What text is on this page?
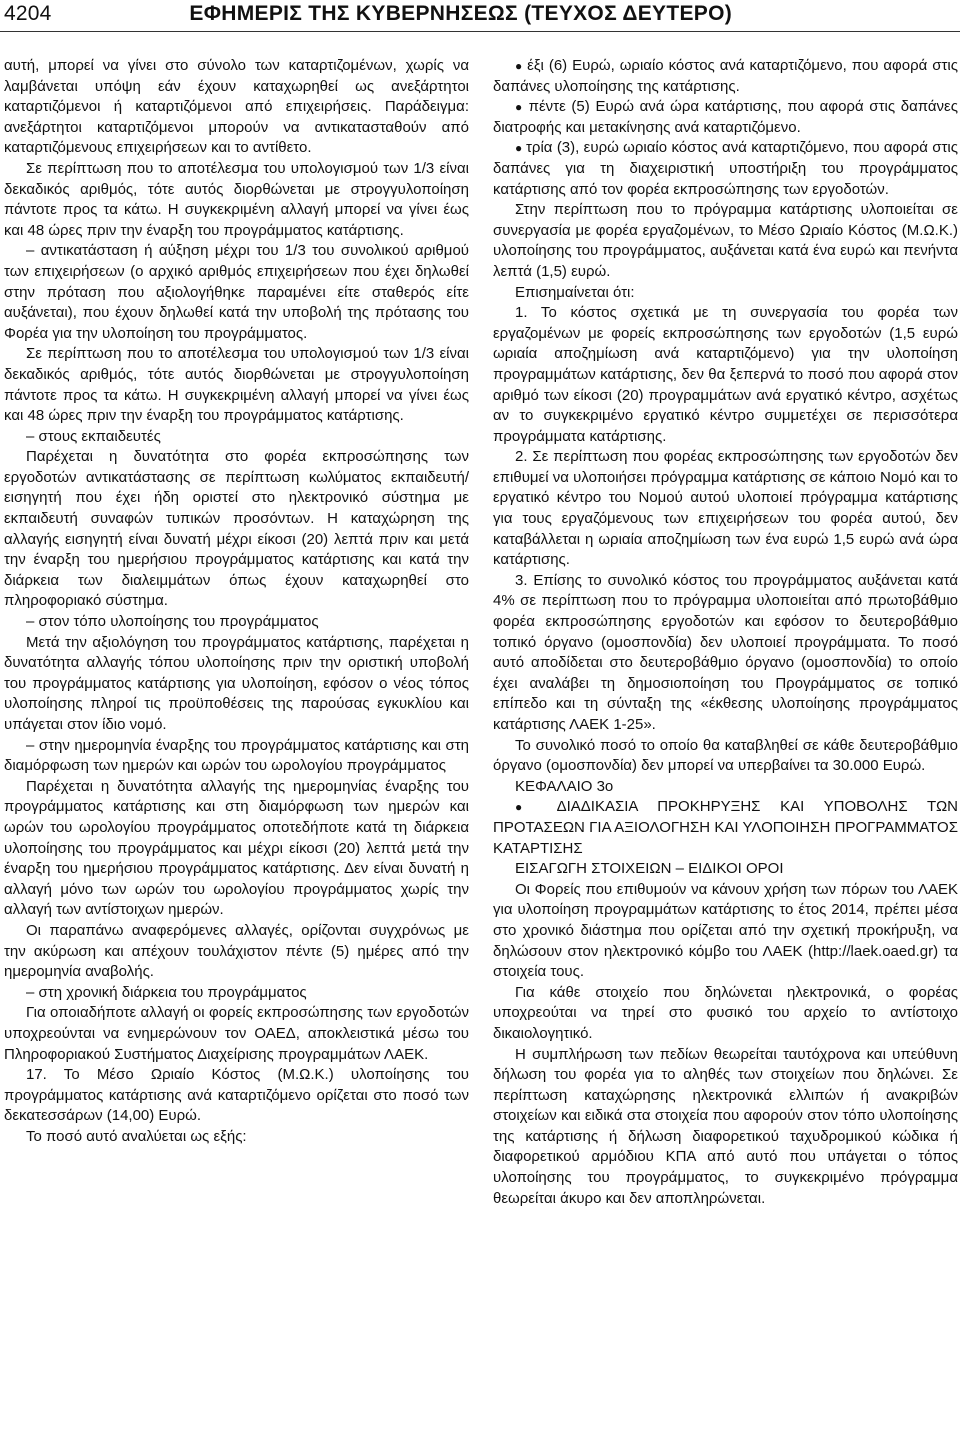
4204	ΕΦΗΜΕΡΙΣ ΤΗΣ ΚΥΒΕΡΝΗΣΕΩΣ (ΤΕΥΧΟΣ ΔΕΥΤΕΡΟ)

αυτή, μπορεί να γίνει στο σύνολο των καταρτιζομένων, χωρίς να λαμβάνεται υπόψη εάν έχουν καταχωρηθεί ως ανεξάρτητοι καταρτιζόμενοι ή καταρτιζόμενοι από επιχειρήσεις. Παράδειγμα: ανεξάρτητοι καταρτιζόμενοι μπορούν να αντικατασταθούν από καταρτιζόμενους επιχειρήσεων και το αντίθετο.

Σε περίπτωση που το αποτέλεσμα του υπολογισμού των 1/3 είναι δεκαδικός αριθμός, τότε αυτός διορθώνεται με στρογγυλοποίηση πάντοτε προς τα κάτω. Η συγκεκριμένη αλλαγή μπορεί να γίνει έως και 48 ώρες πριν την έναρξη του προγράμματος κατάρτισης.

– αντικατάσταση ή αύξηση μέχρι του 1/3 του συνολικού αριθμού των επιχειρήσεων (ο αρχικό αριθμός επιχειρήσεων που έχει δηλωθεί στην πρόταση που αξιολογήθηκε παραμένει είτε σταθερός είτε αυξάνεται), που έχουν δηλωθεί κατά την υποβολή της πρότασης του Φορέα για την υλοποίηση του προγράμματος.

Σε περίπτωση που το αποτέλεσμα του υπολογισμού των 1/3 είναι δεκαδικός αριθμός, τότε αυτός διορθώνεται με στρογγυλοποίηση πάντοτε προς τα κάτω. Η συγκεκριμένη αλλαγή μπορεί να γίνει έως και 48 ώρες πριν την έναρξη του προγράμματος κατάρτισης.

– στους εκπαιδευτές

Παρέχεται η δυνατότητα στο φορέα εκπροσώπησης των εργοδοτών αντικατάστασης σε περίπτωση κωλύματος εκπαιδευτή/εισηγητή που έχει ήδη οριστεί στο ηλεκτρονικό σύστημα με εκπαιδευτή συναφών τυπικών προσόντων. Η καταχώρηση της αλλαγής εισηγητή είναι δυνατή μέχρι είκοσι (20) λεπτά πριν και μετά την έναρξη του ημερήσιου προγράμματος κατάρτισης και κατά την διάρκεια των διαλειμμάτων όπως έχουν καταχωρηθεί στο πληροφοριακό σύστημα.

– στον τόπο υλοποίησης του προγράμματος

Μετά την αξιολόγηση του προγράμματος κατάρτισης, παρέχεται η δυνατότητα αλλαγής τόπου υλοποίησης πριν την οριστική υποβολή του προγράμματος κατάρτισης για υλοποίηση, εφόσον ο νέος τόπος υλοποίησης πληροί τις προϋποθέσεις της παρούσας εγκυκλίου και υπάγεται στον ίδιο νομό.

– στην ημερομηνία έναρξης του προγράμματος κατάρτισης και στη διαμόρφωση των ημερών και ωρών του ωρολογίου προγράμματος

Παρέχεται η δυνατότητα αλλαγής της ημερομηνίας έναρξης του προγράμματος κατάρτισης και στη διαμόρφωση των ημερών και ωρών του ωρολογίου προγράμματος οποτεδήποτε κατά τη διάρκεια υλοποίησης του προγράμματος και μέχρι είκοσι (20) λεπτά μετά την έναρξη του ημερήσιου προγράμματος κατάρτισης. Δεν είναι δυνατή η αλλαγή μόνο των ωρών του ωρολογίου προγράμματος χωρίς την αλλαγή των αντίστοιχων ημερών.

Οι παραπάνω αναφερόμενες αλλαγές, ορίζονται συγχρόνως με την ακύρωση και απέχουν τουλάχιστον πέντε (5) ημέρες από την ημερομηνία αναβολής.

– στη χρονική διάρκεια του προγράμματος

Για οποιαδήποτε αλλαγή οι φορείς εκπροσώπησης των εργοδοτών υποχρεούνται να ενημερώνουν τον ΟΑΕΔ, αποκλειστικά μέσω του Πληροφοριακού Συστήματος Διαχείρισης προγραμμάτων ΛΑΕΚ.

17. Το Μέσο Ωριαίο Κόστος (Μ.Ω.Κ.) υλοποίησης του προγράμματος κατάρτισης ανά καταρτιζόμενο ορίζεται στο ποσό των δεκατεσσάρων (14,00) Ευρώ.

Το ποσό αυτό αναλύεται ως εξής:

● έξι (6) Ευρώ, ωριαίο κόστος ανά καταρτιζόμενο, που αφορά στις δαπάνες υλοποίησης της κατάρτισης.

● πέντε (5) Ευρώ ανά ώρα κατάρτισης, που αφορά στις δαπάνες διατροφής και μετακίνησης ανά καταρτιζόμενο.

● τρία (3), ευρώ ωριαίο κόστος ανά καταρτιζόμενο, που αφορά στις δαπάνες για τη διαχειριστική υποστήριξη του προγράμματος κατάρτισης από τον φορέα εκπροσώπησης των εργοδοτών.

Στην περίπτωση που το πρόγραμμα κατάρτισης υλοποιείται σε συνεργασία με φορέα εργαζομένων, το Μέσο Ωριαίο Κόστος (Μ.Ω.Κ.) υλοποίησης του προγράμματος, αυξάνεται κατά ένα ευρώ και πενήντα λεπτά (1,5) ευρώ.

Επισημαίνεται ότι:

1. Το κόστος σχετικά με τη συνεργασία του φορέα των εργαζομένων με φορείς εκπροσώπησης των εργοδοτών (1,5 ευρώ ωριαία αποζημίωση ανά καταρτιζόμενο) για την υλοποίηση προγραμμάτων κατάρτισης, δεν θα ξεπερνά το ποσό που αφορά στον αριθμό των είκοσι (20) προγραμμάτων ανά εργατικό κέντρο, ασχέτως αν το συγκεκριμένο εργατικό κέντρο συμμετέχει σε περισσότερα προγράμματα κατάρτισης.

2. Σε περίπτωση που φορέας εκπροσώπησης των εργοδοτών δεν επιθυμεί να υλοποιήσει πρόγραμμα κατάρτισης σε κάποιο Νομό και το εργατικό κέντρο του Νομού αυτού υλοποιεί πρόγραμμα κατάρτισης για τους εργαζόμενους των επιχειρήσεων του φορέα αυτού, δεν καταβάλλεται η ωριαία αποζημίωση των ένα ευρώ 1,5 ευρώ ανά ώρα κατάρτισης.

3. Επίσης το συνολικό κόστος του προγράμματος αυξάνεται κατά 4% σε περίπτωση που το πρόγραμμα υλοποιείται από πρωτοβάθμιο φορέα εκπροσώπησης εργοδοτών και εφόσον το δευτεροβάθμιο τοπικό όργανο (ομοσπονδία) δεν υλοποιεί προγράμματα. Το ποσό αυτό αποδίδεται στο δευτεροβάθμιο όργανο (ομοσπονδία) το οποίο έχει αναλάβει τη δημοσιοποίηση του Προγράμματος σε τοπικό επίπεδο και τη σύνταξη της «έκθεσης υλοποίησης προγράμματος κατάρτισης ΛΑΕΚ 1-25».

Το συνολικό ποσό το οποίο θα καταβληθεί σε κάθε δευτεροβάθμιο όργανο (ομοσπονδία) δεν μπορεί να υπερβαίνει τα 30.000 Ευρώ.

ΚΕΦΑΛΑΙΟ 3ο

● ΔΙΑΔΙΚΑΣΙΑ ΠΡΟΚΗΡΥΞΗΣ ΚΑΙ ΥΠΟΒΟΛΗΣ ΤΩΝ ΠΡΟΤΑΣΕΩΝ ΓΙΑ ΑΞΙΟΛΟΓΗΣΗ ΚΑΙ ΥΛΟΠΟΙΗΣΗ ΠΡΟΓΡΑΜΜΑΤΟΣ ΚΑΤΑΡΤΙΣΗΣ

ΕΙΣΑΓΩΓΗ ΣΤΟΙΧΕΙΩΝ – ΕΙΔΙΚΟΙ ΟΡΟΙ

Οι Φορείς που επιθυμούν να κάνουν χρήση των πόρων του ΛΑΕΚ για υλοποίηση προγραμμάτων κατάρτισης το έτος 2014, πρέπει μέσα στο χρονικό διάστημα που ορίζεται από την σχετική προκήρυξη, να δηλώσουν στον ηλεκτρονικό κόμβο του ΛΑΕΚ (http://laek.oaed.gr) τα στοιχεία τους.

Για κάθε στοιχείο που δηλώνεται ηλεκτρονικά, ο φορέας υποχρεούται να τηρεί στο φυσικό του αρχείο το αντίστοιχο δικαιολογητικό.

Η συμπλήρωση των πεδίων θεωρείται ταυτόχρονα και υπεύθυνη δήλωση του φορέα για το αληθές των στοιχείων που δηλώνει. Σε περίπτωση καταχώρησης ηλεκτρονικά ελλιπών ή ανακριβών στοιχείων και ειδικά στα στοιχεία που αφορούν στον τόπο υλοποίησης της κατάρτισης ή δήλωση διαφορετικού ταχυδρομικού κώδικα ή διαφορετικού αρμόδιου ΚΠΑ από αυτό που υπάγεται ο τόπος υλοποίησης του προγράμματος, το συγκεκριμένο πρόγραμμα θεωρείται άκυρο και δεν αποπληρώνεται.
